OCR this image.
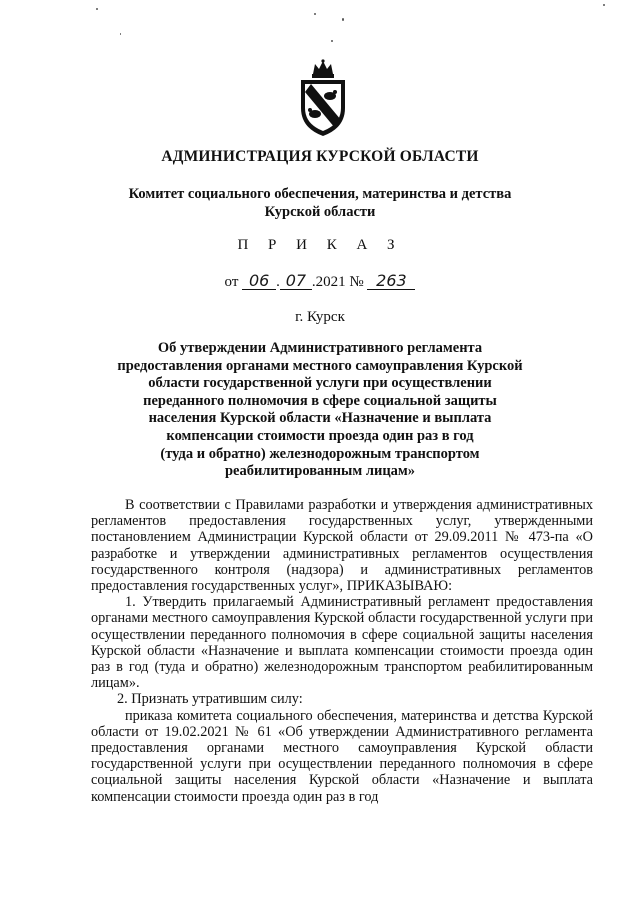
АДМИНИСТРАЦИЯ КУРСКОЙ ОБЛАСТИ
Комитет социального обеспечения, материнства и детства
Курской области
П Р И К А З
от 06 . 07 .2021 № 263
г. Курск
Об утверждении Административного регламента
предоставления органами местного самоуправления Курской
области государственной услуги при осуществлении
переданного полномочия в сфере социальной защиты
населения Курской области «Назначение и выплата
компенсации стоимости проезда один раз в год
(туда и обратно) железнодорожным транспортом
реабилитированным лицам»

В соответствии с Правилами разработки и утверждения административных регламентов предоставления государственных услуг, утвержденными постановлением Администрации Курской области от 29.09.2011 № 473-па «О разработке и утверждении административных регламентов осуществления государственного контроля (надзора) и административных регламентов предоставления государственных услуг», ПРИКАЗЫВАЮ:

1. Утвердить прилагаемый Административный регламент предоставления органами местного самоуправления Курской области государственной услуги при осуществлении переданного полномочия в сфере социальной защиты населения Курской области «Назначение и выплата компенсации стоимости проезда один раз в год (туда и обратно) железнодорожным транспортом реабилитированным лицам».

2. Признать утратившим силу:

приказа комитета социального обеспечения, материнства и детства Курской области от 19.02.2021 № 61 «Об утверждении Административного регламента предоставления органами местного самоуправления Курской области государственной услуги при осуществлении переданного полномочия в сфере социальной защиты населения Курской области «Назначение и выплата компенсации стоимости проезда один раз в год
